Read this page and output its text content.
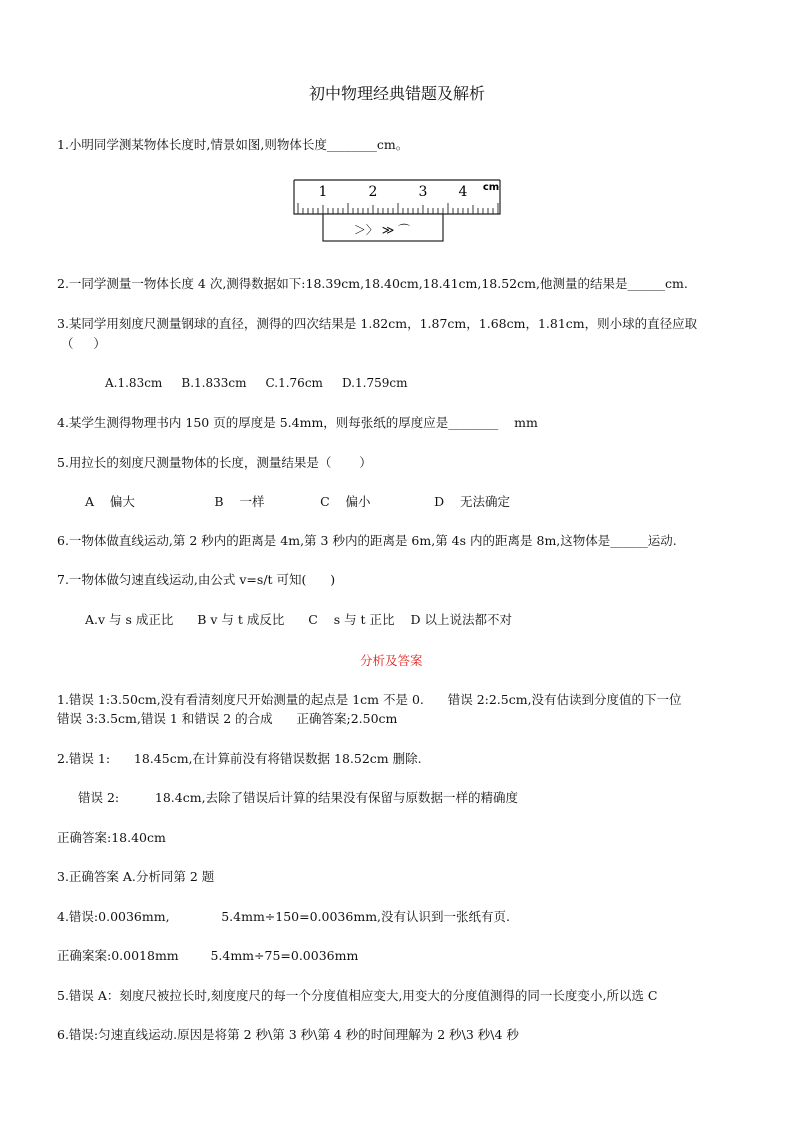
初中物理经典错题及解析
1.小明同学测某物体长度时,情景如图,则物体长度________cm。
1	2	3 4 cm
＞〉 ≫ ⌒
2.一同学测量一物体长度 4 次,测得数据如下:18.39cm,18.40cm,18.41cm,18.52cm,他测量的结果是______cm.
3.某同学用刻度尺测量钢球的直径，测得的四次结果是 1.82cm，1.87cm，1.68cm，1.81cm，则小球的直径应取
（     ）
A.1.83cm     B.1.833cm     C.1.76cm     D.1.759cm
4.某学生测得物理书内 150 页的厚度是 5.4mm，则每张纸的厚度应是________    mm
5.用拉长的刻度尺测量物体的长度，测量结果是（       ）
A    偏大                    B    一样              C    偏小                D    无法确定
6.一物体做直线运动,第 2 秒内的距离是 4m,第 3 秒内的距离是 6m,第 4s 内的距离是 8m,这物体是______运动.
7.一物体做匀速直线运动,由公式 v=s/t 可知(      )
A.v 与 s 成正比      B v 与 t 成反比      C    s 与 t 正比    D 以上说法都不对
分析及答案
1.错误 1:3.50cm,没有看清刻度尺开始测量的起点是 1cm 不是 0.      错误 2:2.5cm,没有估读到分度值的下一位
错误 3:3.5cm,错误 1 和错误 2 的合成      正确答案;2.50cm
2.错误 1:      18.45cm,在计算前没有将错误数据 18.52cm 删除.
错误 2:         18.4cm,去除了错误后计算的结果没有保留与原数据一样的精确度
正确答案:18.40cm
3.正确答案 A.分析同第 2 题
4.错误:0.0036mm,             5.4mm÷150=0.0036mm,没有认识到一张纸有页.
正确案案:0.0018mm        5.4mm÷75=0.0036mm
5.错误 A：刻度尺被拉长时,刻度度尺的每一个分度值相应变大,用变大的分度值测得的同一长度变小,所以选 C
6.错误:匀速直线运动.原因是将第 2 秒\第 3 秒\第 4 秒的时间理解为 2 秒\3 秒\4 秒
